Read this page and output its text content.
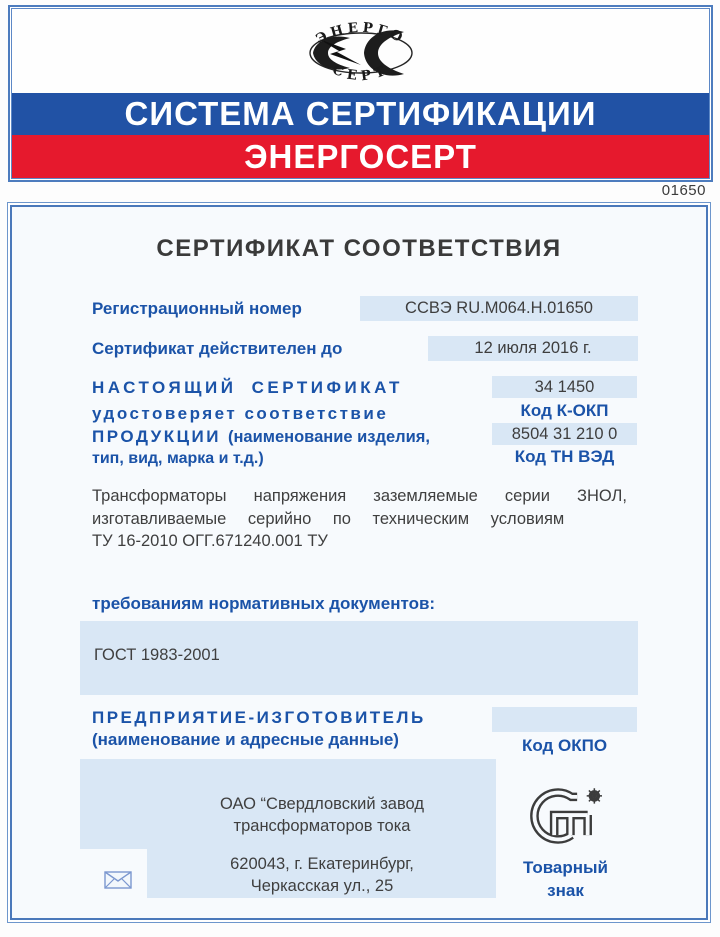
ЭНЕРГО
СЕРТ
СИСТЕМА СЕРТИФИКАЦИИ
ЭНЕРГОСЕРТ
01650
СЕРТИФИКАТ СООТВЕТСТВИЯ
Регистрационный номер	ССВЭ RU.M064.H.01650
Сертификат действителен до	12 июля 2016 г.
НАСТОЯЩИЙ СЕРТИФИКАТ
удостоверяет соответствие
ПРОДУКЦИИ (наименование изделия,
тип, вид, марка и т.д.)
34 1450
Код К-ОКП
8504 31 210 0
Код ТН ВЭД
Трансформаторы напряжения заземляемые серии ЗНОЛ,
изготавливаемые серийно по техническим условиям
ТУ 16-2010 ОГГ.671240.001 ТУ
требованиям нормативных документов:
ГОСТ 1983-2001
ПРЕДПРИЯТИЕ-ИЗГОТОВИТЕЛЬ
(наименование и адресные данные)	Код ОКПО
ОАО “Свердловский завод
трансформаторов тока
620043, г. Екатеринбург,
Черкасская ул., 25
Товарный
знак
